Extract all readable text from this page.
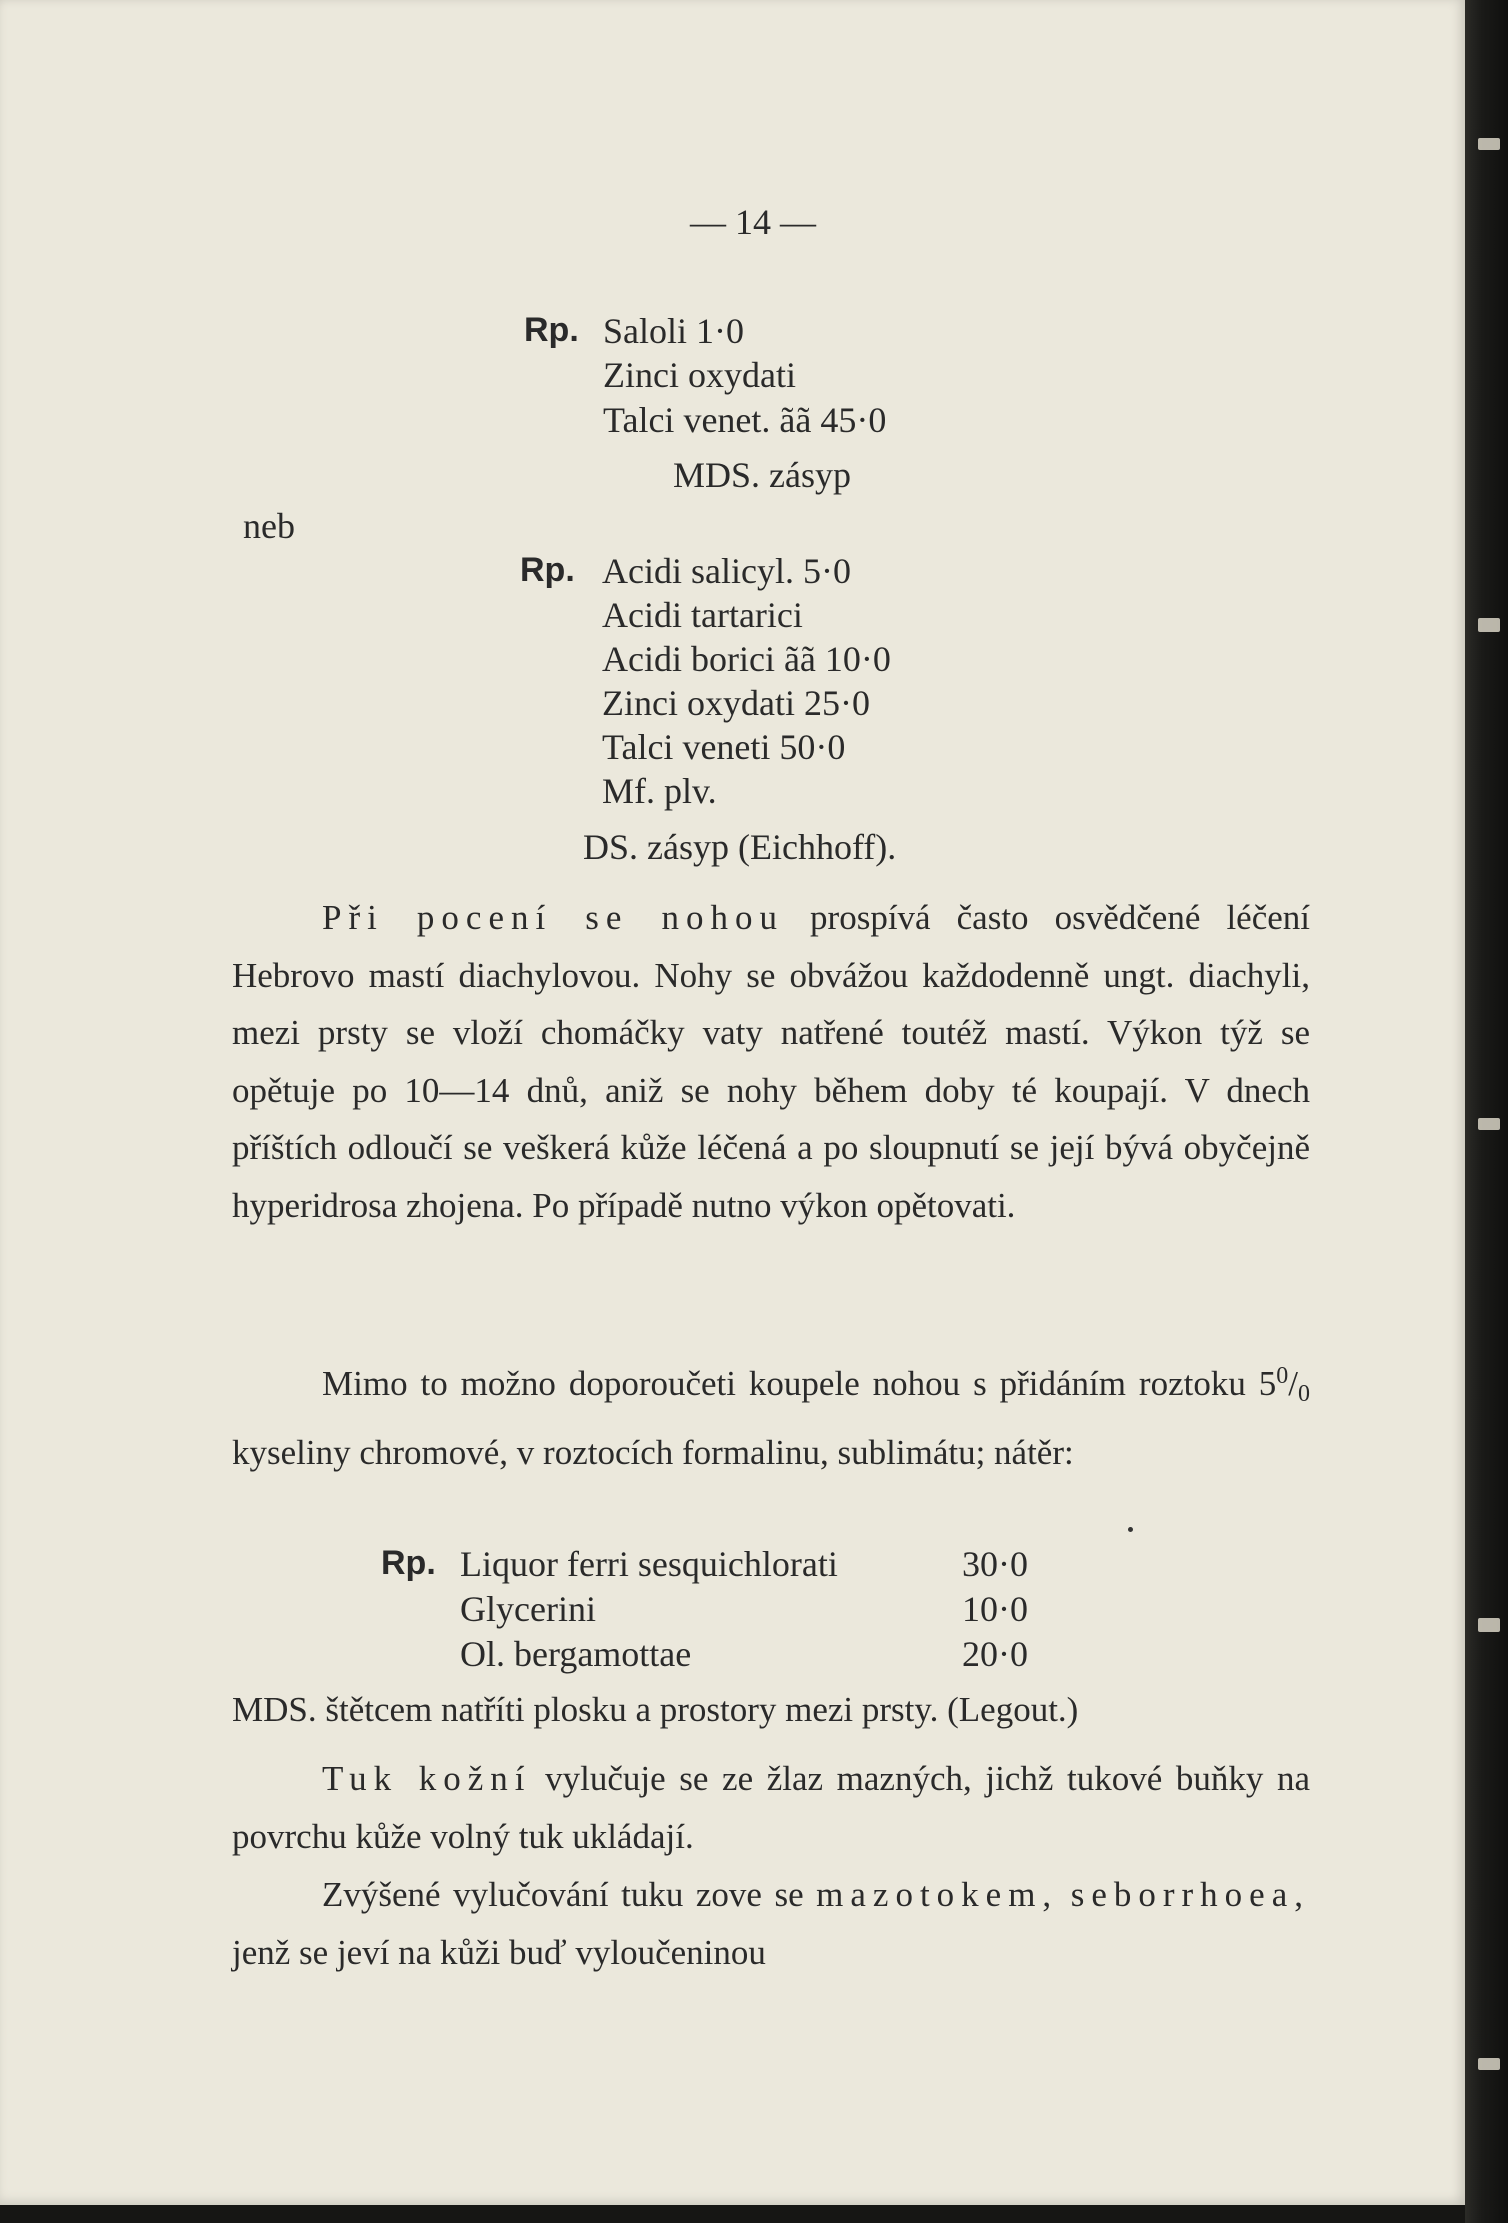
— 14 —
Rp. Saloli 1·0
Zinci oxydati
Talci venet. ãã 45·0
MDS. zásyp
neb
Rp. Acidi salicyl. 5·0
Acidi tartarici
Acidi borici ãã 10·0
Zinci oxydati 25·0
Talci veneti 50·0
Mf. plv.
DS. zásyp (Eichhoff).
Při pocení se nohou prospívá často osvědčené léčení Hebrovo mastí diachylovou. Nohy se obvážou každodenně ungt. diachyli, mezi prsty se vloží chomáčky vaty natřené toutéž mastí. Výkon týž se opětuje po 10—14 dnů, aniž se nohy během doby té koupají. V dnech příštích odloučí se veškerá kůže léčená a po sloupnutí se její bývá obyčejně hyperidrosa zhojena. Po případě nutno výkon opětovati.
Mimo to možno doporoučeti koupele nohou s přidáním roztoku $5^0/_0$ kyseliny chromové, v roztocích formalinu, sublimátu; nátěr:
Rp. Liquor ferri sesquichlorati	30·0
Glycerini	10·0
Ol. bergamottae	20·0
MDS. štětcem natříti plosku a prostory mezi prsty. (Legout.)
Tuk kožní vylučuje se ze žlaz mazných, jichž tukové buňky na povrchu kůže volný tuk ukládají.
Zvýšené vylučování tuku zove se mazotokem, seborrhoea, jenž se jeví na kůži buď vyloučeninou
